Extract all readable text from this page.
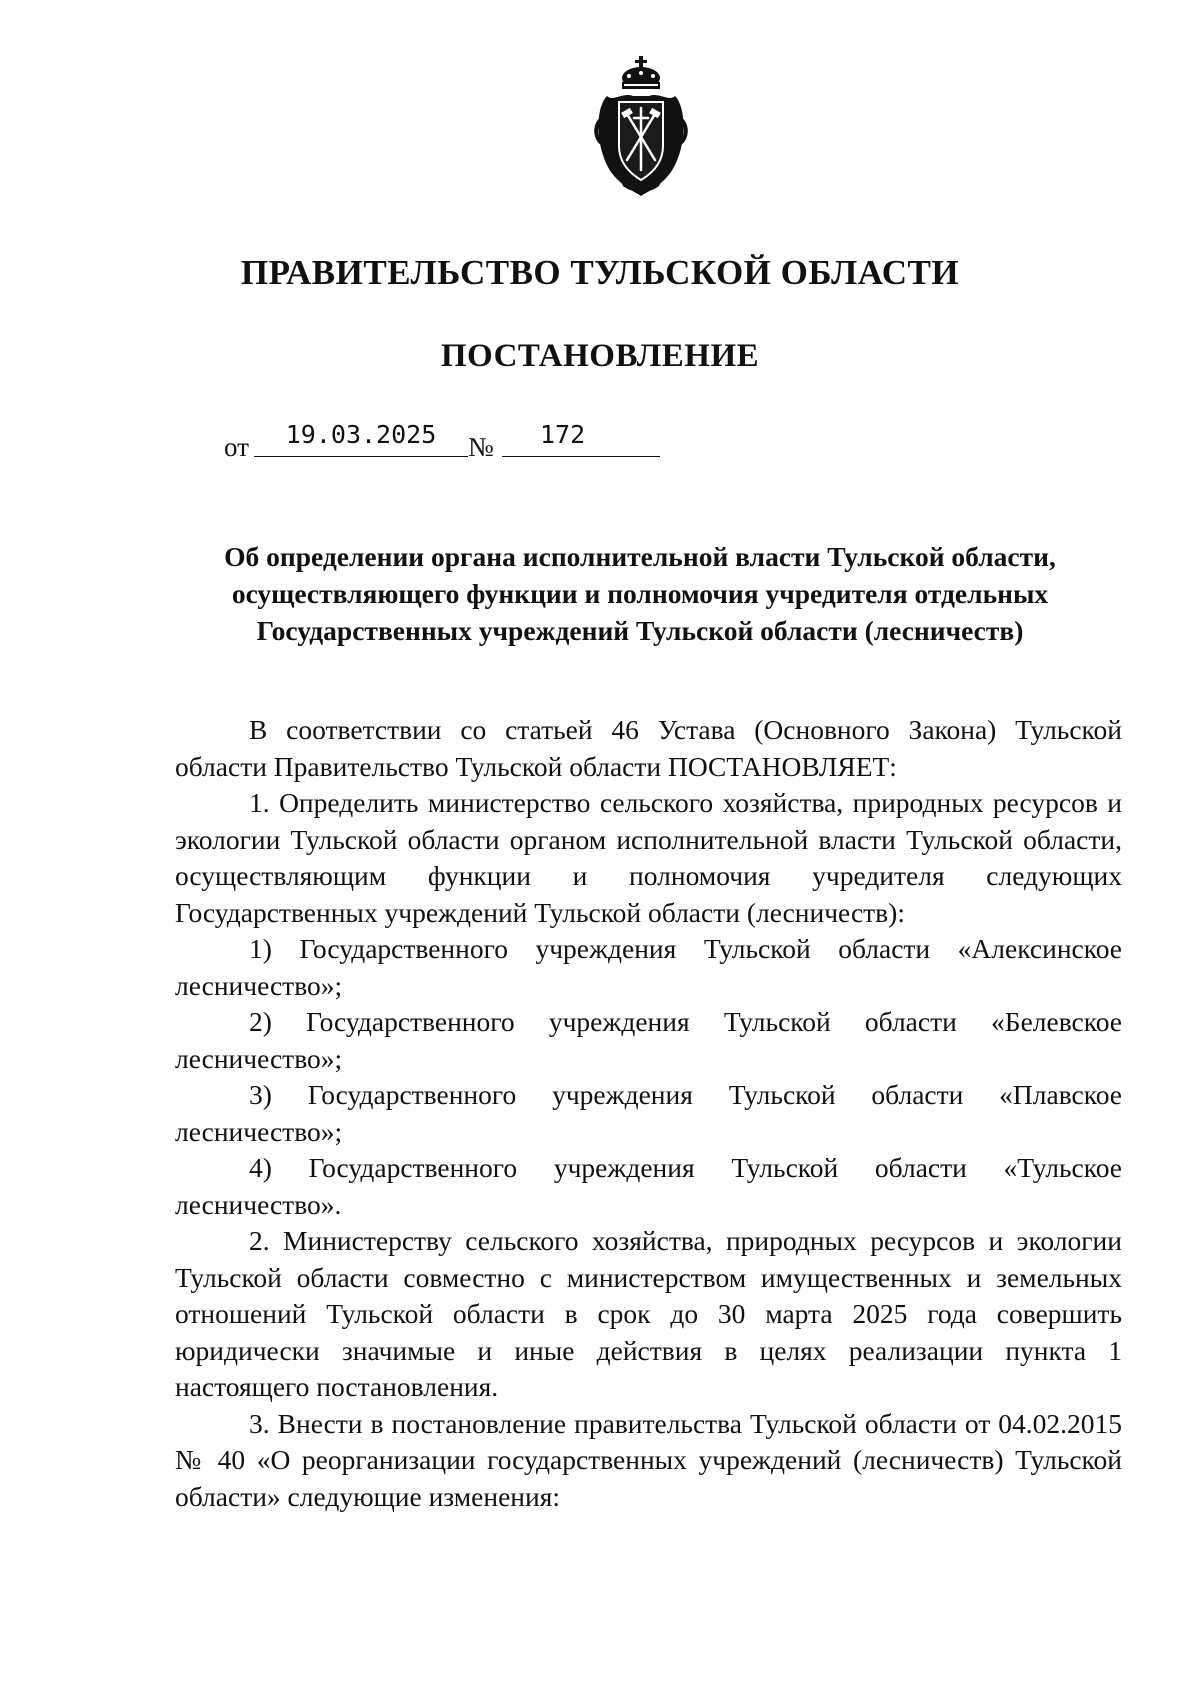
ПРАВИТЕЛЬСТВО ТУЛЬСКОЙ ОБЛАСТИ
ПОСТАНОВЛЕНИЕ
от	19.03.2025	№ 172
Об определении органа исполнительной власти Тульской области,
осуществляющего функции и полномочия учредителя отдельных
Государственных учреждений Тульской области (лесничеств)

В соответствии со статьей 46 Устава (Основного Закона) Тульской области Правительство Тульской области ПОСТАНОВЛЯЕТ:

1. Определить министерство сельского хозяйства, природных ресурсов и экологии Тульской области органом исполнительной власти Тульской области, осуществляющим функции и полномочия учредителя следующих Государственных учреждений Тульской области (лесничеств):

1) Государственного учреждения Тульской области «Алексинское лесничество»;

2) Государственного учреждения Тульской области «Белевское лесничество»;

3) Государственного учреждения Тульской области «Плавское лесничество»;

4) Государственного учреждения Тульской области «Тульское лесничество».

2. Министерству сельского хозяйства, природных ресурсов и экологии Тульской области совместно с министерством имущественных и земельных отношений Тульской области в срок до 30 марта 2025 года совершить юридически значимые и иные действия в целях реализации пункта 1 настоящего постановления.

3. Внести в постановление правительства Тульской области от 04.02.2015 № 40 «О реорганизации государственных учреждений (лесничеств) Тульской области» следующие изменения:
